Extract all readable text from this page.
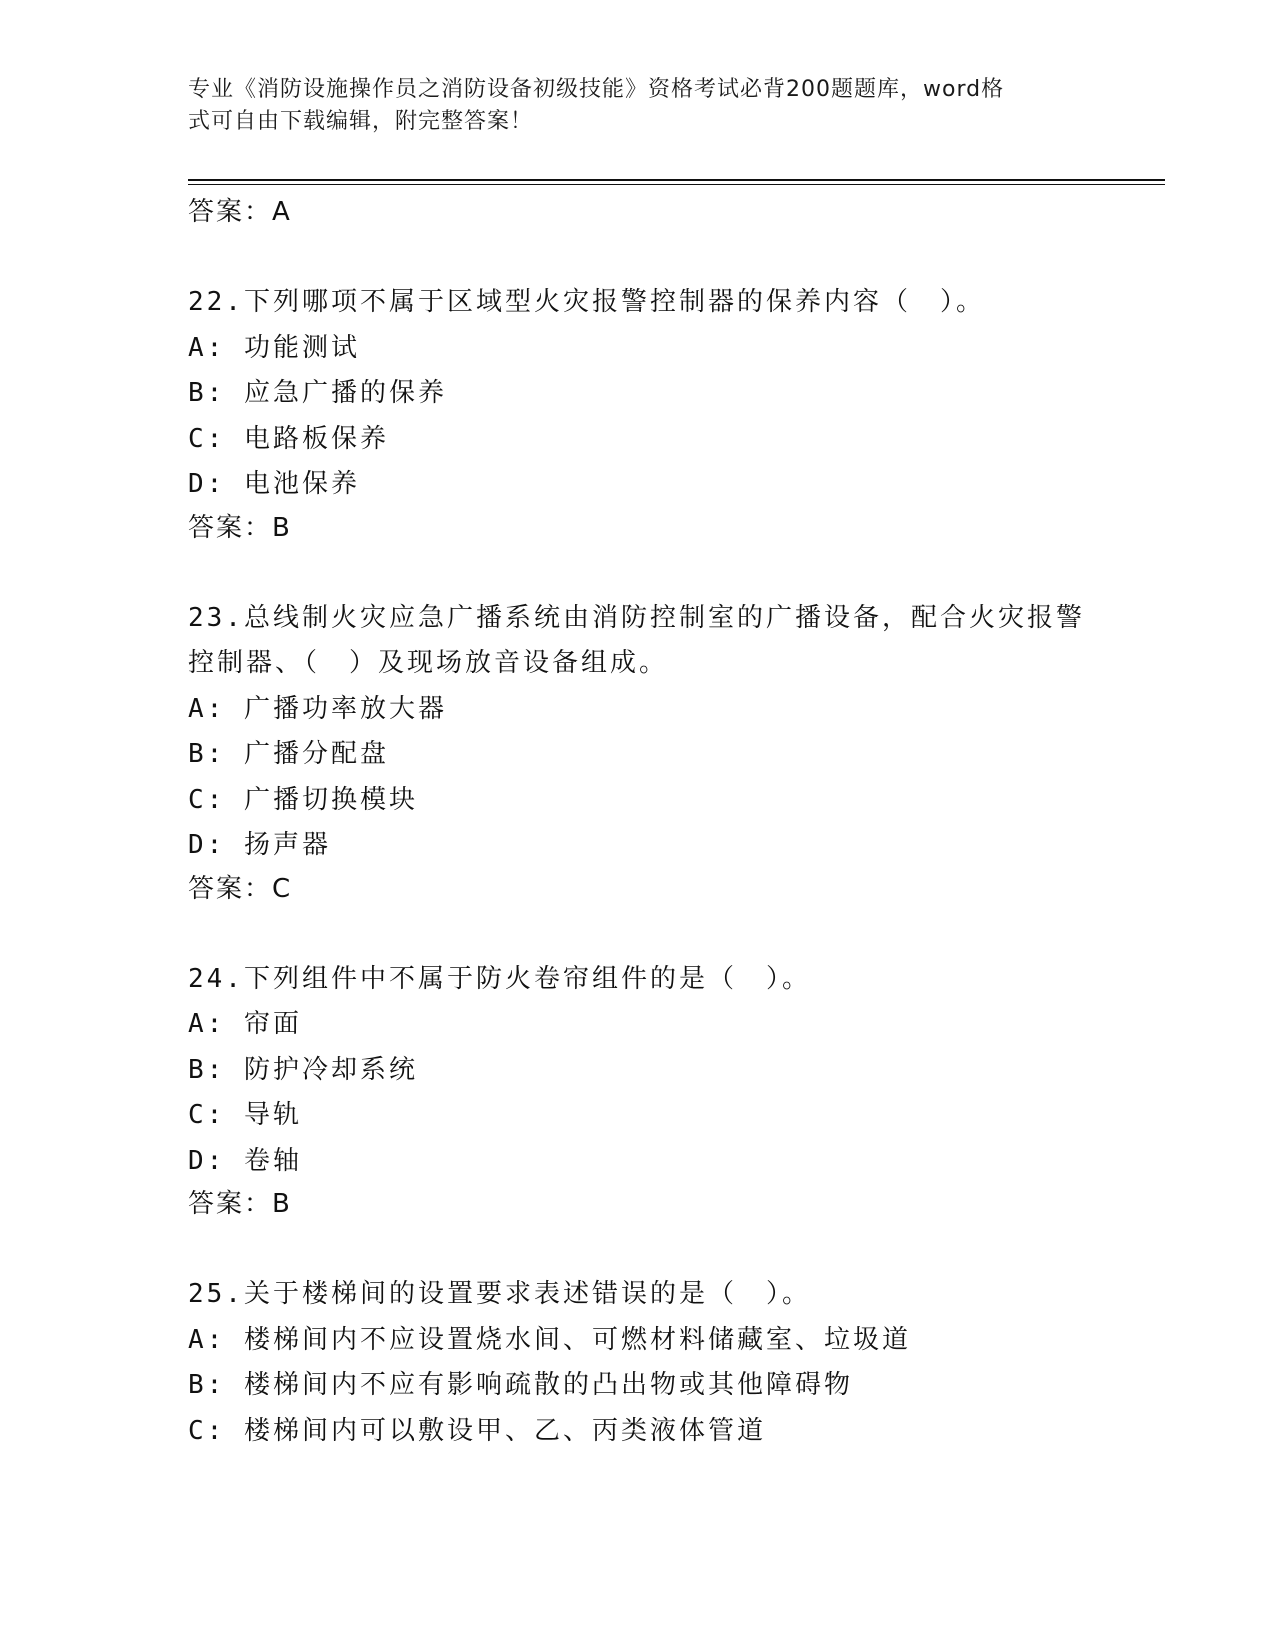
专业《消防设施操作员之消防设备初级技能》资格考试必背200题题库，word格
式可自由下载编辑，附完整答案！
答案：A
22.下列哪项不属于区域型火灾报警控制器的保养内容（　）。
A: 功能测试
B: 应急广播的保养
C: 电路板保养
D: 电池保养
答案：B
23.总线制火灾应急广播系统由消防控制室的广播设备，配合火灾报警
控制器、（　）及现场放音设备组成。
A: 广播功率放大器
B: 广播分配盘
C: 广播切换模块
D: 扬声器
答案：C
24.下列组件中不属于防火卷帘组件的是（　）。
A: 帘面
B: 防护冷却系统
C: 导轨
D: 卷轴
答案：B
25.关于楼梯间的设置要求表述错误的是（　）。
A: 楼梯间内不应设置烧水间、可燃材料储藏室、垃圾道
B: 楼梯间内不应有影响疏散的凸出物或其他障碍物
C: 楼梯间内可以敷设甲、乙、丙类液体管道
